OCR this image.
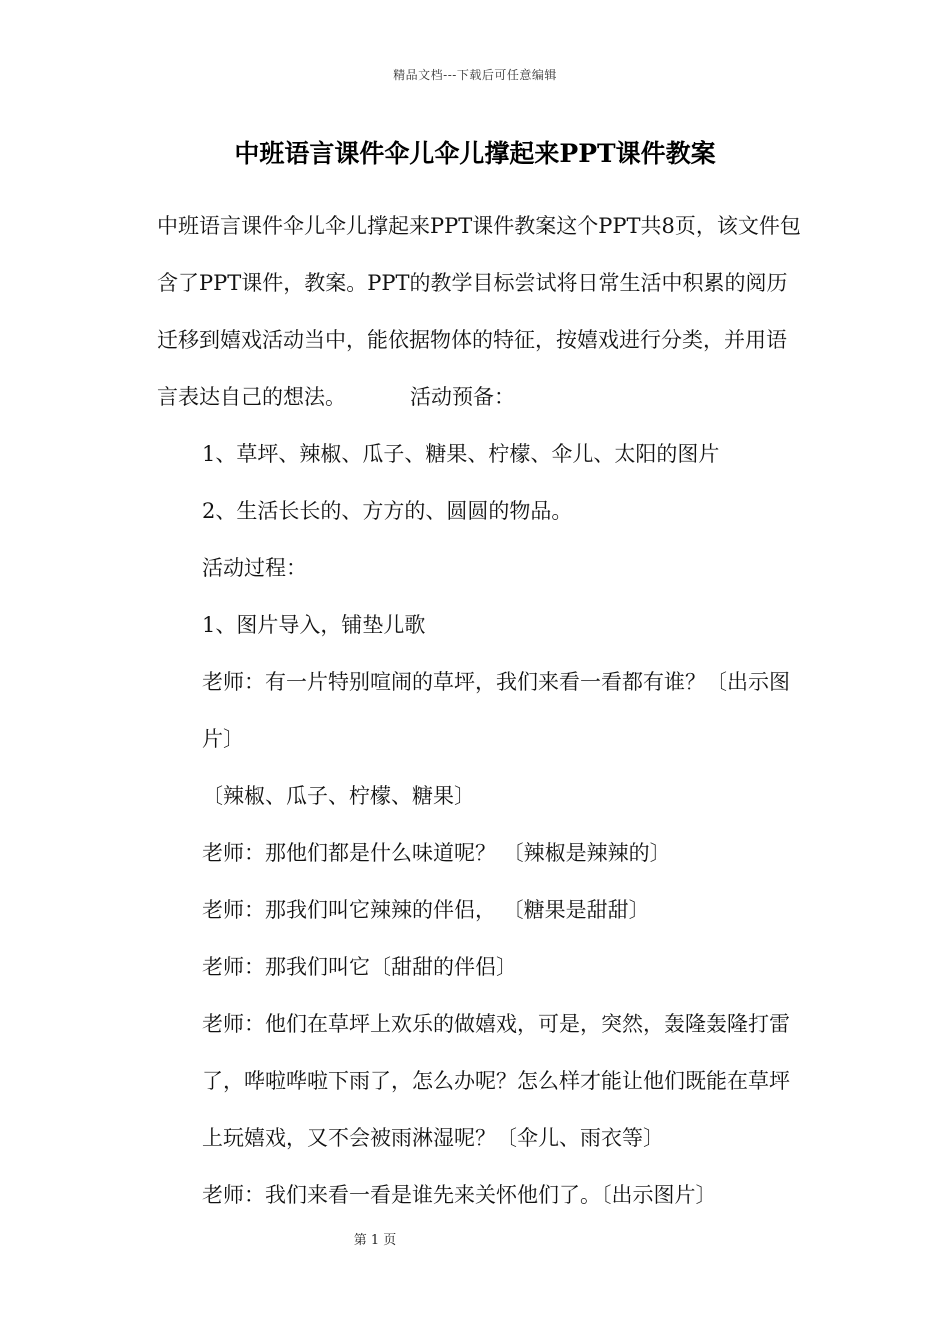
精品文档---下载后可任意编辑
中班语言课件伞儿伞儿撑起来PPT课件教案

中班语言课件伞儿伞儿撑起来PPT课件教案这个PPT共8页，该文件包含了PPT课件，教案。PPT的教学目标尝试将日常生活中积累的阅历迁移到嬉戏活动当中，能依据物体的特征，按嬉戏进行分类，并用语言表达自己的想法。	活动预备：

1、草坪、辣椒、瓜子、糖果、柠檬、伞儿、太阳的图片

2、生活长长的、方方的、圆圆的物品。

活动过程：

1、图片导入，铺垫儿歌

老师：有一片特别喧闹的草坪，我们来看一看都有谁？〔出示图片〕

〔辣椒、瓜子、柠檬、糖果〕

老师：那他们都是什么味道呢？ 〔辣椒是辣辣的〕

老师：那我们叫它辣辣的伴侣， 〔糖果是甜甜〕

老师：那我们叫它〔甜甜的伴侣〕

老师：他们在草坪上欢乐的做嬉戏，可是，突然，轰隆轰隆打雷了，哗啦哗啦下雨了，怎么办呢？怎么样才能让他们既能在草坪上玩嬉戏，又不会被雨淋湿呢？〔伞儿、雨衣等〕

老师：我们来看一看是谁先来关怀他们了。〔出示图片〕

第 1 页
